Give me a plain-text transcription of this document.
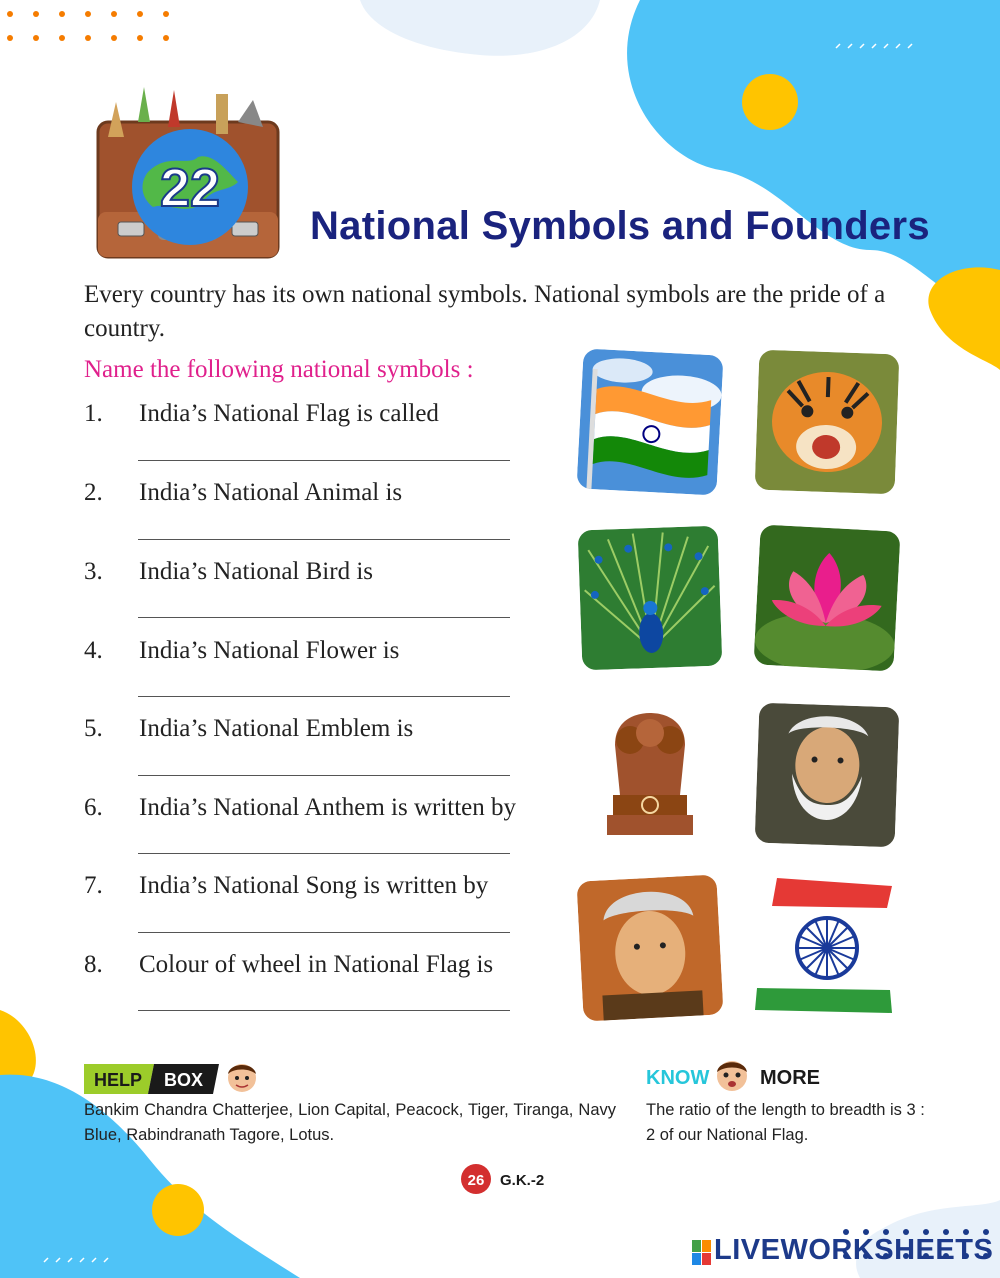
22
National Symbols and Founders
Every country has its own national symbols. National symbols are the pride of a country.
Name the following national symbols :
1. India’s National Flag is called
2. India’s National Animal is
3. India’s National Bird is
4. India’s National Flower is
5. India’s National Emblem is
6. India’s National Anthem is written by
7. India’s National Song is written by
8. Colour of wheel in National Flag is
HELP BOX
Bankim Chandra Chatterjee, Lion Capital, Peacock, Tiger, Tiranga, Navy Blue, Rabindranath Tagore, Lotus.
KNOW	MORE
The ratio of the length to breadth is 3 : 2 of our National Flag.
26 G.K.-2
LIVEWORKSHEETS
